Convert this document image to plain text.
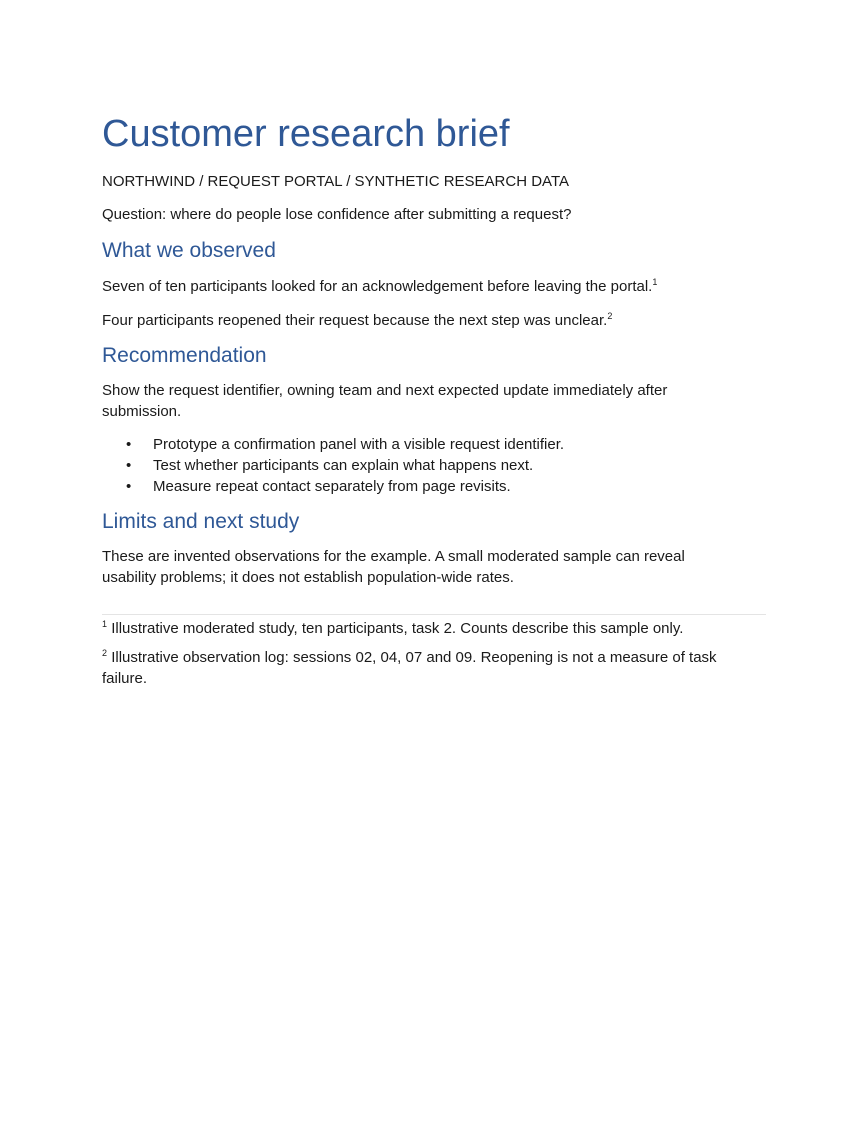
Customer research brief
NORTHWIND / REQUEST PORTAL / SYNTHETIC RESEARCH DATA
Question: where do people lose confidence after submitting a request?
What we observed

Seven of ten participants looked for an acknowledgement before leaving the portal.$^1$

Four participants reopened their request because the next step was unclear.$^2$

Recommendation

Show the request identifier, owning team and next expected update immediately after submission.

• Prototype a confirmation panel with a visible request identifier.
• Test whether participants can explain what happens next.
• Measure repeat contact separately from page revisits.
Limits and next study

These are invented observations for the example. A small moderated sample can reveal usability problems; it does not establish population-wide rates.

$^1$ Illustrative moderated study, ten participants, task 2. Counts describe this sample only.

$^2$ Illustrative observation log: sessions 02, 04, 07 and 09. Reopening is not a measure of task failure.
